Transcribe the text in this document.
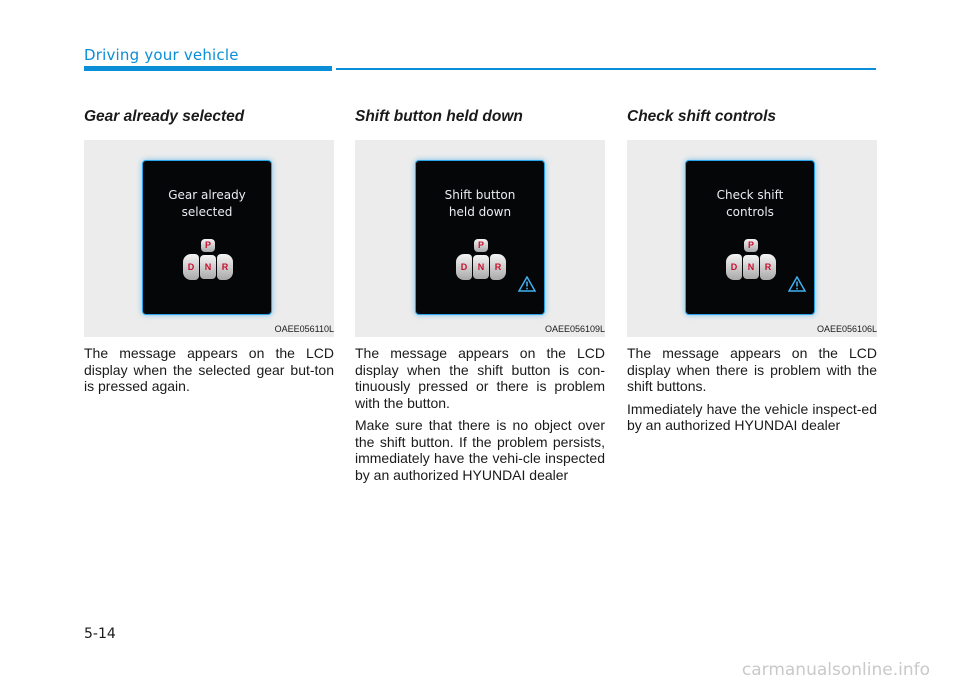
Driving your vehicle
Gear already selected
Gear already
selected
P
D	N	R
OAEE056110L

The message appears on the LCD display when the selected gear but-ton is pressed again.

Shift button held down
Shift button
held down
P
D	N	R
OAEE056109L

The message appears on the LCD display when the shift button is con-tinuously pressed or there is problem with the button.

Make sure that there is no object over the shift button. If the problem persists, immediately have the vehi-cle inspected by an authorized HYUNDAI dealer

Check shift controls
Check shift
controls
P
D	N	R
OAEE056106L

The message appears on the LCD display when there is problem with the shift buttons.

Immediately have the vehicle inspect-ed by an authorized HYUNDAI dealer

5-14
carmanualsonline.info
